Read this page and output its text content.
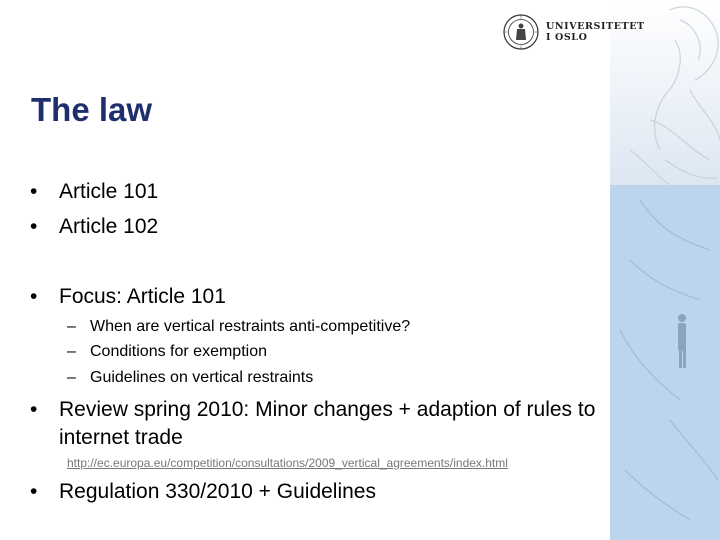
UNIVERSITETET
I OSLO
The law
•	Article 101
•	Article 102
•	Focus: Article 101
– When are vertical restraints anti-competitive?
– Conditions for exemption
– Guidelines on vertical restraints
•	Review spring 2010: Minor changes + adaption of rules to internet trade
http://ec.europa.eu/competition/consultations/2009_vertical_agreements/index.html
•	Regulation 330/2010 + Guidelines
